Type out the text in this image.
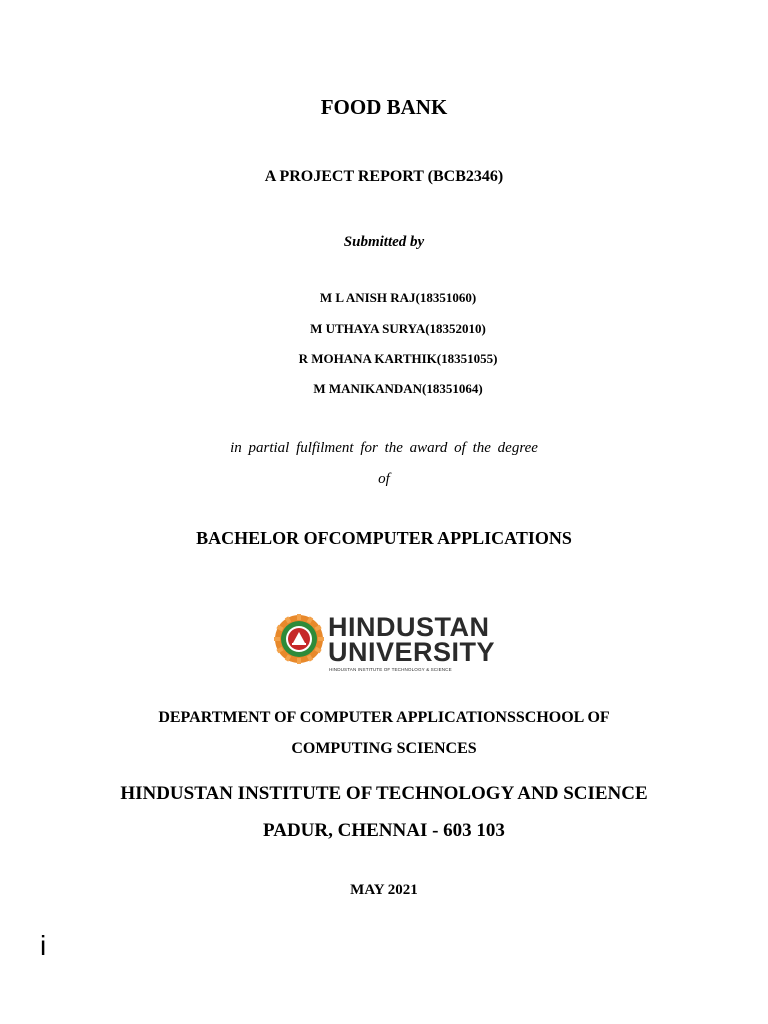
FOOD BANK
A PROJECT REPORT (BCB2346)
Submitted by
M L ANISH RAJ(18351060)
M UTHAYA SURYA(18352010)
R MOHANA KARTHIK(18351055)
M MANIKANDAN(18351064)
in partial fulfilment for the award of the degree
of
BACHELOR OFCOMPUTER APPLICATIONS
HINDUSTAN
UNIVERSITY
HINDUSTAN INSTITUTE OF TECHNOLOGY & SCIENCE
DEPARTMENT OF COMPUTER APPLICATIONSSCHOOL OF
COMPUTING SCIENCES
HINDUSTAN INSTITUTE OF TECHNOLOGY AND SCIENCE
PADUR, CHENNAI - 603 103
MAY 2021
i
